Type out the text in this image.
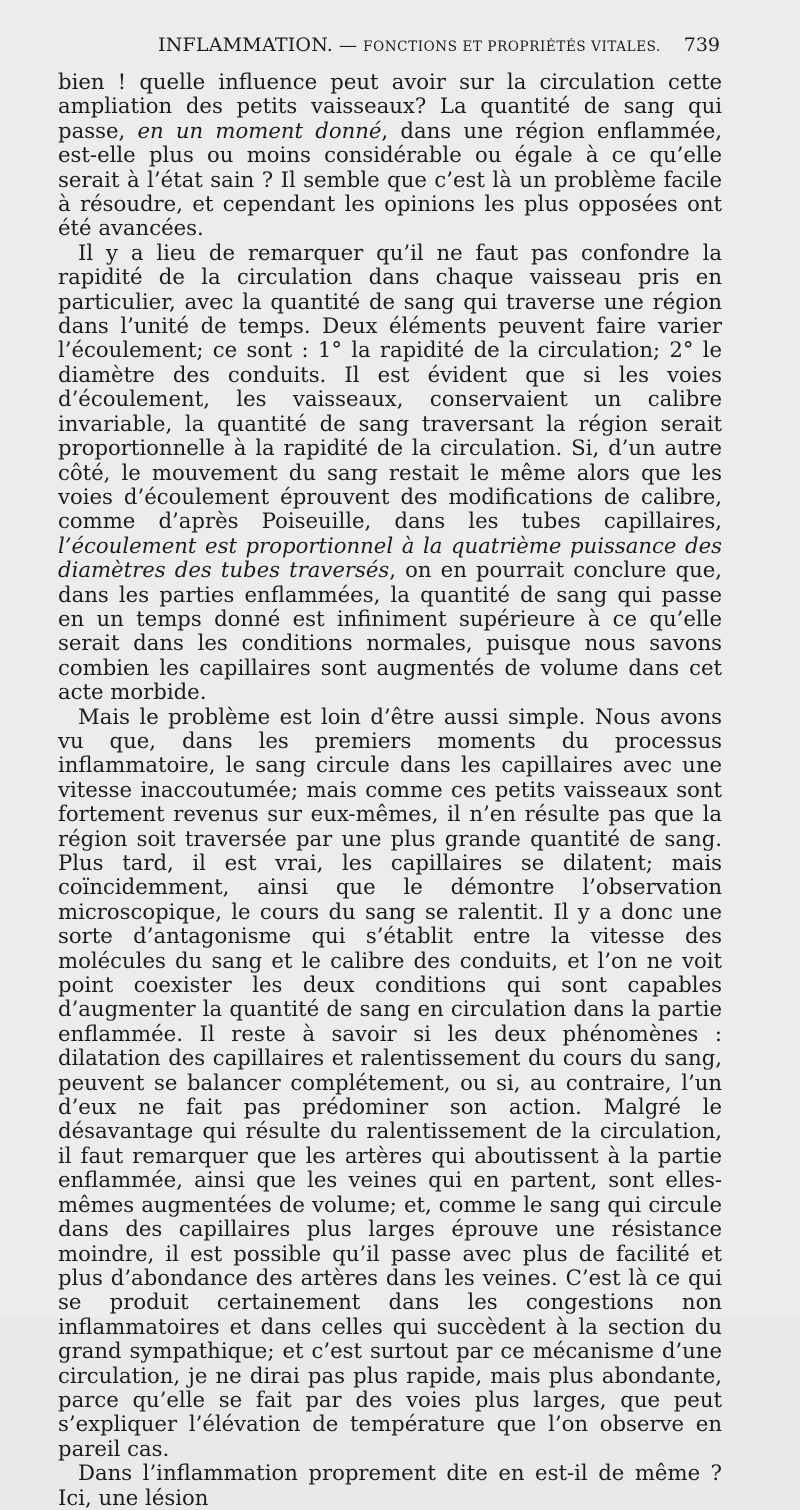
INFLAMMATION. — FONCTIONS ET PROPRIÉTÉS VITALES. 739

bien ! quelle influence peut avoir sur la circulation cette ampliation des petits vaisseaux? La quantité de sang qui passe, en un moment donné, dans une région enflammée, est-elle plus ou moins considérable ou égale à ce qu’elle serait à l’état sain ? Il semble que c’est là un problème facile à résoudre, et cependant les opinions les plus opposées ont été avancées.

Il y a lieu de remarquer qu’il ne faut pas confondre la rapidité de la circulation dans chaque vaisseau pris en particulier, avec la quantité de sang qui traverse une région dans l’unité de temps. Deux éléments peuvent faire varier l’écoulement; ce sont : 1° la rapidité de la circulation; 2° le diamètre des conduits. Il est évident que si les voies d’écoulement, les vaisseaux, conservaient un calibre invariable, la quantité de sang traversant la région serait proportionnelle à la rapidité de la circulation. Si, d’un autre côté, le mouvement du sang restait le même alors que les voies d’écoulement éprouvent des modifications de calibre, comme d’après Poiseuille, dans les tubes capillaires, l’écoulement est proportionnel à la quatrième puissance des diamètres des tubes traversés, on en pourrait conclure que, dans les parties enflammées, la quantité de sang qui passe en un temps donné est infiniment supérieure à ce qu’elle serait dans les conditions normales, puisque nous savons combien les capillaires sont augmentés de volume dans cet acte morbide.

Mais le problème est loin d’être aussi simple. Nous avons vu que, dans les premiers moments du processus inflammatoire, le sang circule dans les capillaires avec une vitesse inaccoutumée; mais comme ces petits vaisseaux sont fortement revenus sur eux-mêmes, il n’en résulte pas que la région soit traversée par une plus grande quantité de sang. Plus tard, il est vrai, les capillaires se dilatent; mais coïncidemment, ainsi que le démontre l’observation microscopique, le cours du sang se ralentit. Il y a donc une sorte d’antagonisme qui s’établit entre la vitesse des molécules du sang et le calibre des conduits, et l’on ne voit point coexister les deux conditions qui sont capables d’augmenter la quantité de sang en circulation dans la partie enflammée. Il reste à savoir si les deux phénomènes : dilatation des capillaires et ralentissement du cours du sang, peuvent se balancer complétement, ou si, au contraire, l’un d’eux ne fait pas prédominer son action. Malgré le désavantage qui résulte du ralentissement de la circulation, il faut remarquer que les artères qui aboutissent à la partie enflammée, ainsi que les veines qui en partent, sont elles-mêmes augmentées de volume; et, comme le sang qui circule dans des capillaires plus larges éprouve une résistance moindre, il est possible qu’il passe avec plus de facilité et plus d’abondance des artères dans les veines. C’est là ce qui se produit certainement dans les congestions non inflammatoires et dans celles qui succèdent à la section du grand sympathique; et c’est surtout par ce mécanisme d’une circulation, je ne dirai pas plus rapide, mais plus abondante, parce qu’elle se fait par des voies plus larges, que peut s’expliquer l’élévation de température que l’on observe en pareil cas.

Dans l’inflammation proprement dite en est-il de même ? Ici, une lésion
